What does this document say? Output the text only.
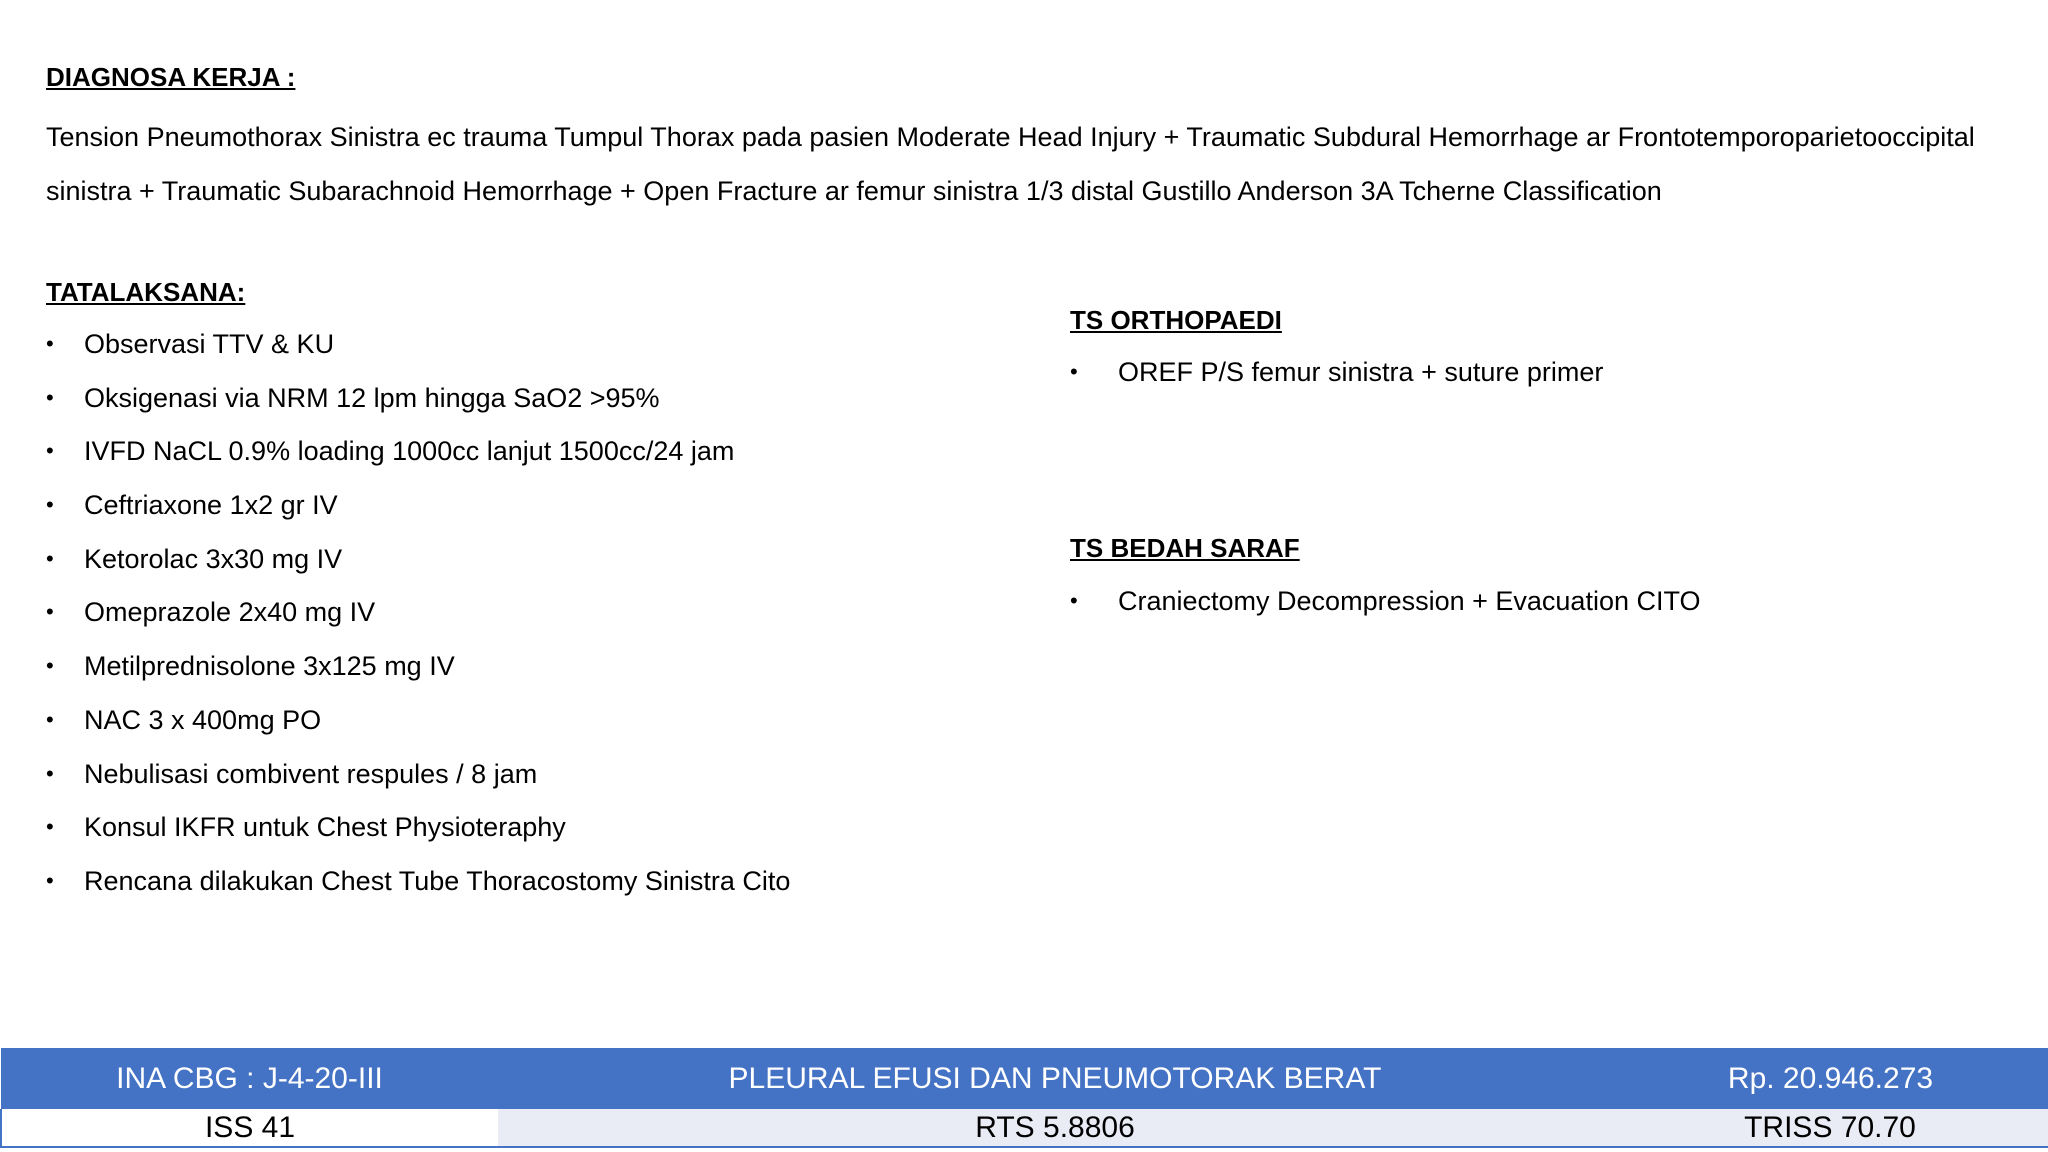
DIAGNOSA KERJA :

Tension Pneumothorax Sinistra ec trauma Tumpul Thorax pada pasien Moderate Head Injury + Traumatic Subdural Hemorrhage ar Frontotemporoparietooccipital sinistra + Traumatic Subarachnoid Hemorrhage + Open Fracture ar femur sinistra 1/3 distal Gustillo Anderson 3A Tcherne Classification

TATALAKSANA:

• Observasi TTV & KU
• Oksigenasi via NRM 12 lpm hingga SaO2 >95%
• IVFD NaCL 0.9% loading 1000cc lanjut 1500cc/24 jam
• Ceftriaxone 1x2 gr IV
• Ketorolac 3x30 mg IV
• Omeprazole 2x40 mg IV
• Metilprednisolone 3x125 mg IV
• NAC 3 x 400mg PO
• Nebulisasi combivent respules / 8 jam
• Konsul IKFR untuk Chest Physioteraphy
• Rencana dilakukan Chest Tube Thoracostomy Sinistra Cito

TS ORTHOPAEDI

• OREF P/S femur sinistra + suture primer

TS BEDAH SARAF

• Craniectomy Decompression + Evacuation CITO
INA CBG : J-4-20-III	PLEURAL EFUSI DAN PNEUMOTORAK BERAT	Rp. 20.946.273
ISS 41	RTS 5.8806	TRISS 70.70
